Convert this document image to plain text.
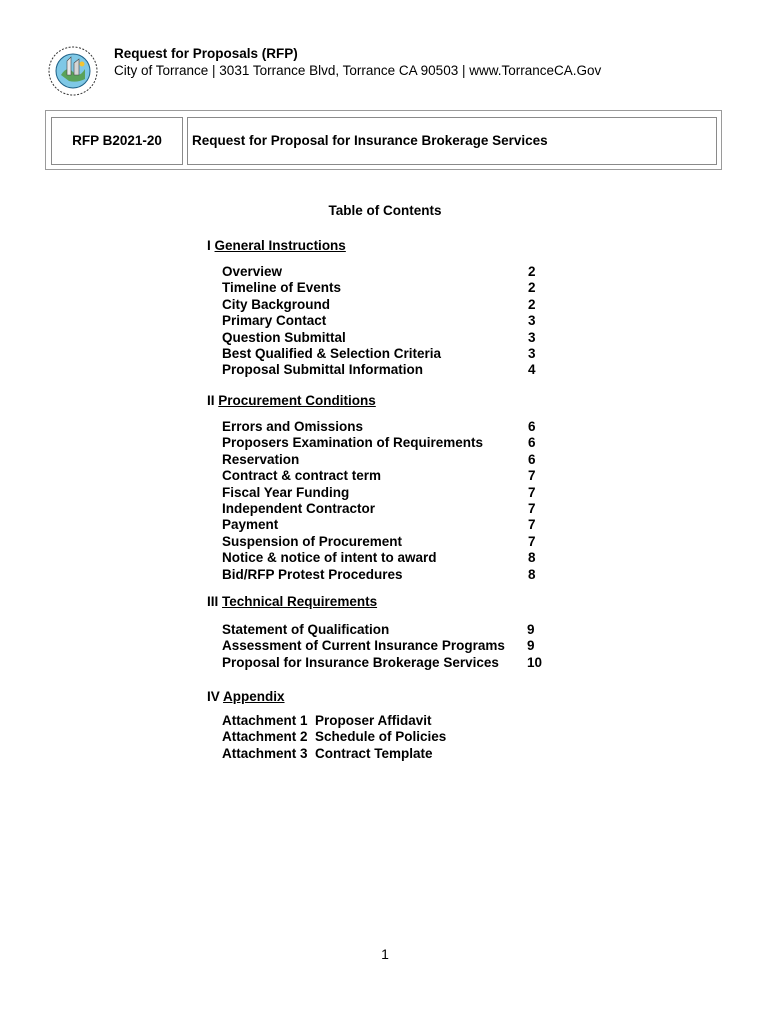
Request for Proposals (RFP)
City of Torrance | 3031 Torrance Blvd, Torrance CA 90503 | www.TorranceCA.Gov
RFP B2021-20	Request for Proposal for Insurance Brokerage Services
Table of Contents
I General Instructions
Overview	2
Timeline of Events	2
City Background	2
Primary Contact	3
Question Submittal	3
Best Qualified & Selection Criteria	3
Proposal Submittal Information	4
II Procurement Conditions
Errors and Omissions	6
Proposers Examination of Requirements	6
Reservation	6
Contract & contract term	7
Fiscal Year Funding	7
Independent Contractor	7
Payment	7
Suspension of Procurement	7
Notice & notice of intent to award	8
Bid/RFP Protest Procedures	8
III Technical Requirements
Statement of Qualification	9
Assessment of Current Insurance Programs 9
Proposal for Insurance Brokerage Services 10
IV Appendix
Attachment 1  Proposer Affidavit
Attachment 2  Schedule of Policies
Attachment 3  Contract Template
1
